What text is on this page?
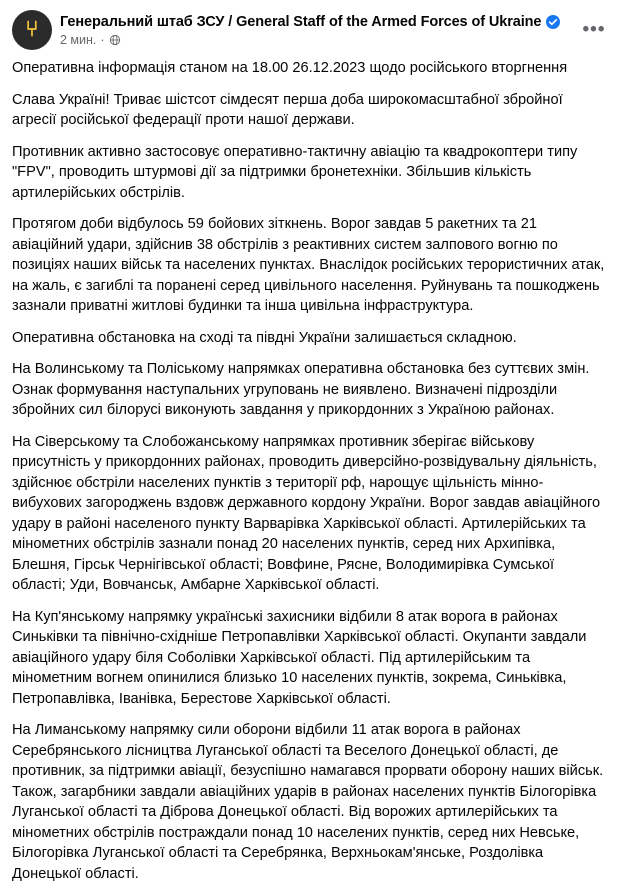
⑂ Генеральний штаб ЗСУ / General Staff of the Armed Forces of Ukraine
2 мин. ·	•••

Оперативна інформація станом на 18.00 26.12.2023 щодо російського вторгнення

Слава Україні! Триває шістсот сімдесят перша доба широкомасштабної збройної агресії російської федерації проти нашої держави.

Противник активно застосовує оперативно-тактичну авіацію та квадрокоптери типу "FPV", проводить штурмові дії за підтримки бронетехніки. Збільшив кількість артилерійських обстрілів.

Протягом доби відбулось 59 бойових зіткнень. Ворог завдав 5 ракетних та 21 авіаційний удари, здійснив 38 обстрілів з реактивних систем залпового вогню по позиціях наших військ та населених пунктах. Внаслідок російських терористичних атак, на жаль, є загиблі та поранені серед цивільного населення. Руйнувань та пошкоджень зазнали приватні житлові будинки та інша цивільна інфраструктура.

Оперативна обстановка на сході та півдні України залишається складною.

На Волинському та Поліському напрямках оперативна обстановка без суттєвих змін. Ознак формування наступальних угруповань не виявлено. Визначені підрозділи збройних сил білорусі виконують завдання у прикордонних з Україною районах.

На Сіверському та Слобожанському напрямках противник зберігає військову присутність у прикордонних районах, проводить диверсійно-розвідувальну діяльність, здійснює обстріли населених пунктів з території рф, нарощує щільність мінно-вибухових загороджень вздовж державного кордону України. Ворог завдав авіаційного удару в районі населеного пункту Варварівка Харківської області. Артилерійських та мінометних обстрілів зазнали понад 20 населених пунктів, серед них Архипівка, Блешня, Гірськ Чернігівської області; Вовфине, Рясне, Володимирівка Сумської області; Уди, Вовчанськ, Амбарне Харківської області.

На Куп'янському напрямку українські захисники відбили 8 атак ворога в районах Синьківки та північно-східніше Петропавлівки Харківської області. Окупанти завдали авіаційного удару біля Соболівки Харківської області. Під артилерійським та мінометним вогнем опинилися близько 10 населених пунктів, зокрема, Синьківка, Петропавлівка, Іванівка, Берестове Харківської області.

На Лиманському напрямку сили оборони відбили 11 атак ворога в районах Серебрянського лісництва Луганської області та Веселого Донецької області, де противник, за підтримки авіації, безуспішно намагався прорвати оборону наших військ. Також, загарбники завдали авіаційних ударів в районах населених пунктів Білогорівка Луганської області та Діброва Донецької області. Від ворожих артилерійських та мінометних обстрілів постраждали понад 10 населених пунктів, серед них Невське, Білогорівка Луганської області та Серебрянка, Верхньокам'янське, Роздолівка Донецької області.
